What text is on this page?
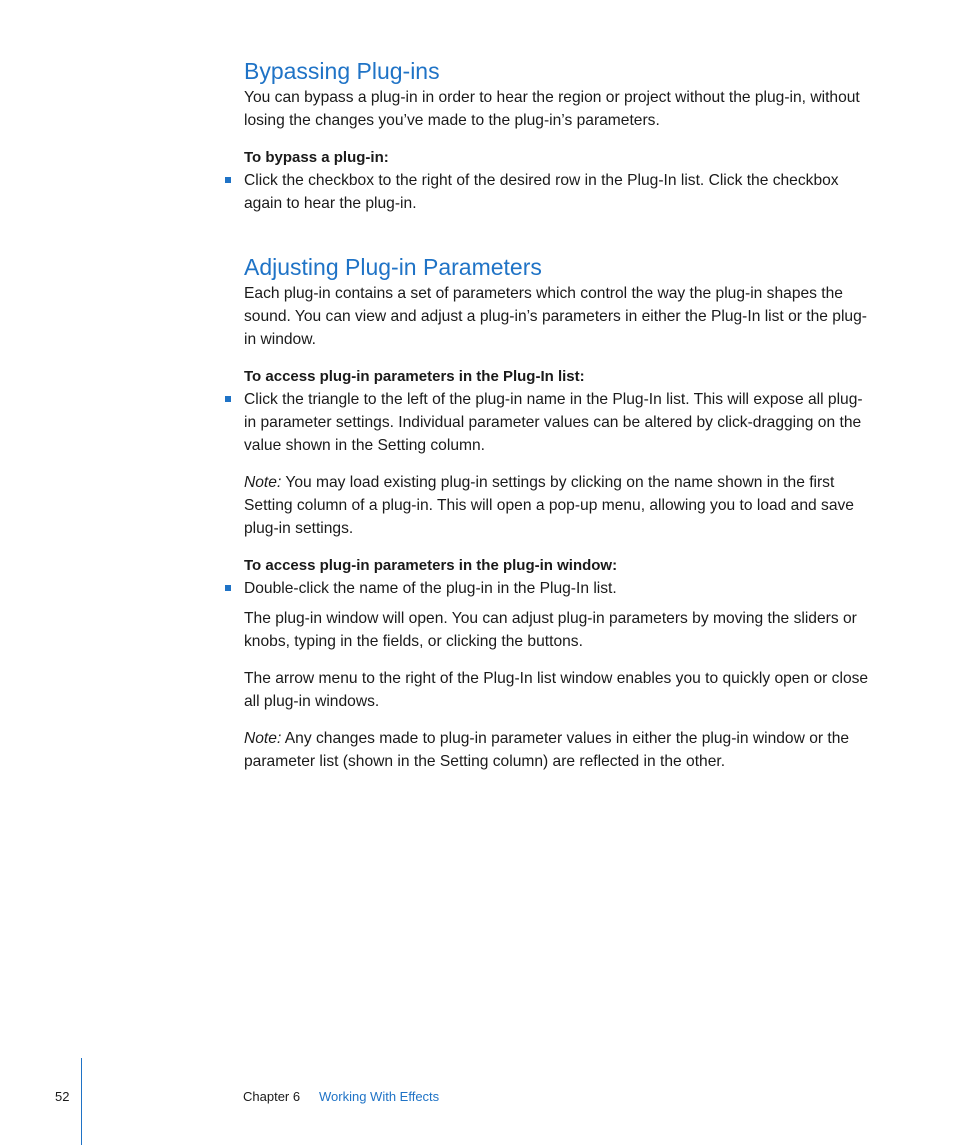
Bypassing Plug-ins

You can bypass a plug-in in order to hear the region or project without the plug-in, without losing the changes you’ve made to the plug-in’s parameters.

To bypass a plug-in:

Click the checkbox to the right of the desired row in the Plug-In list. Click the checkbox again to hear the plug-in.

Adjusting Plug-in Parameters

Each plug-in contains a set of parameters which control the way the plug-in shapes the sound. You can view and adjust a plug-in’s parameters in either the Plug-In list or the plug-in window.

To access plug-in parameters in the Plug-In list:

Click the triangle to the left of the plug-in name in the Plug-In list. This will expose all plug-in parameter settings. Individual parameter values can be altered by click-dragging on the value shown in the Setting column.

Note: You may load existing plug-in settings by clicking on the name shown in the first Setting column of a plug-in. This will open a pop-up menu, allowing you to load and save plug-in settings.

To access plug-in parameters in the plug-in window:

Double-click the name of the plug-in in the Plug-In list.

The plug-in window will open. You can adjust plug-in parameters by moving the sliders or knobs, typing in the fields, or clicking the buttons.

The arrow menu to the right of the Plug-In list window enables you to quickly open or close all plug-in windows.

Note: Any changes made to plug-in parameter values in either the plug-in window or the parameter list (shown in the Setting column) are reflected in the other.

52	Chapter 6 Working With Effects
